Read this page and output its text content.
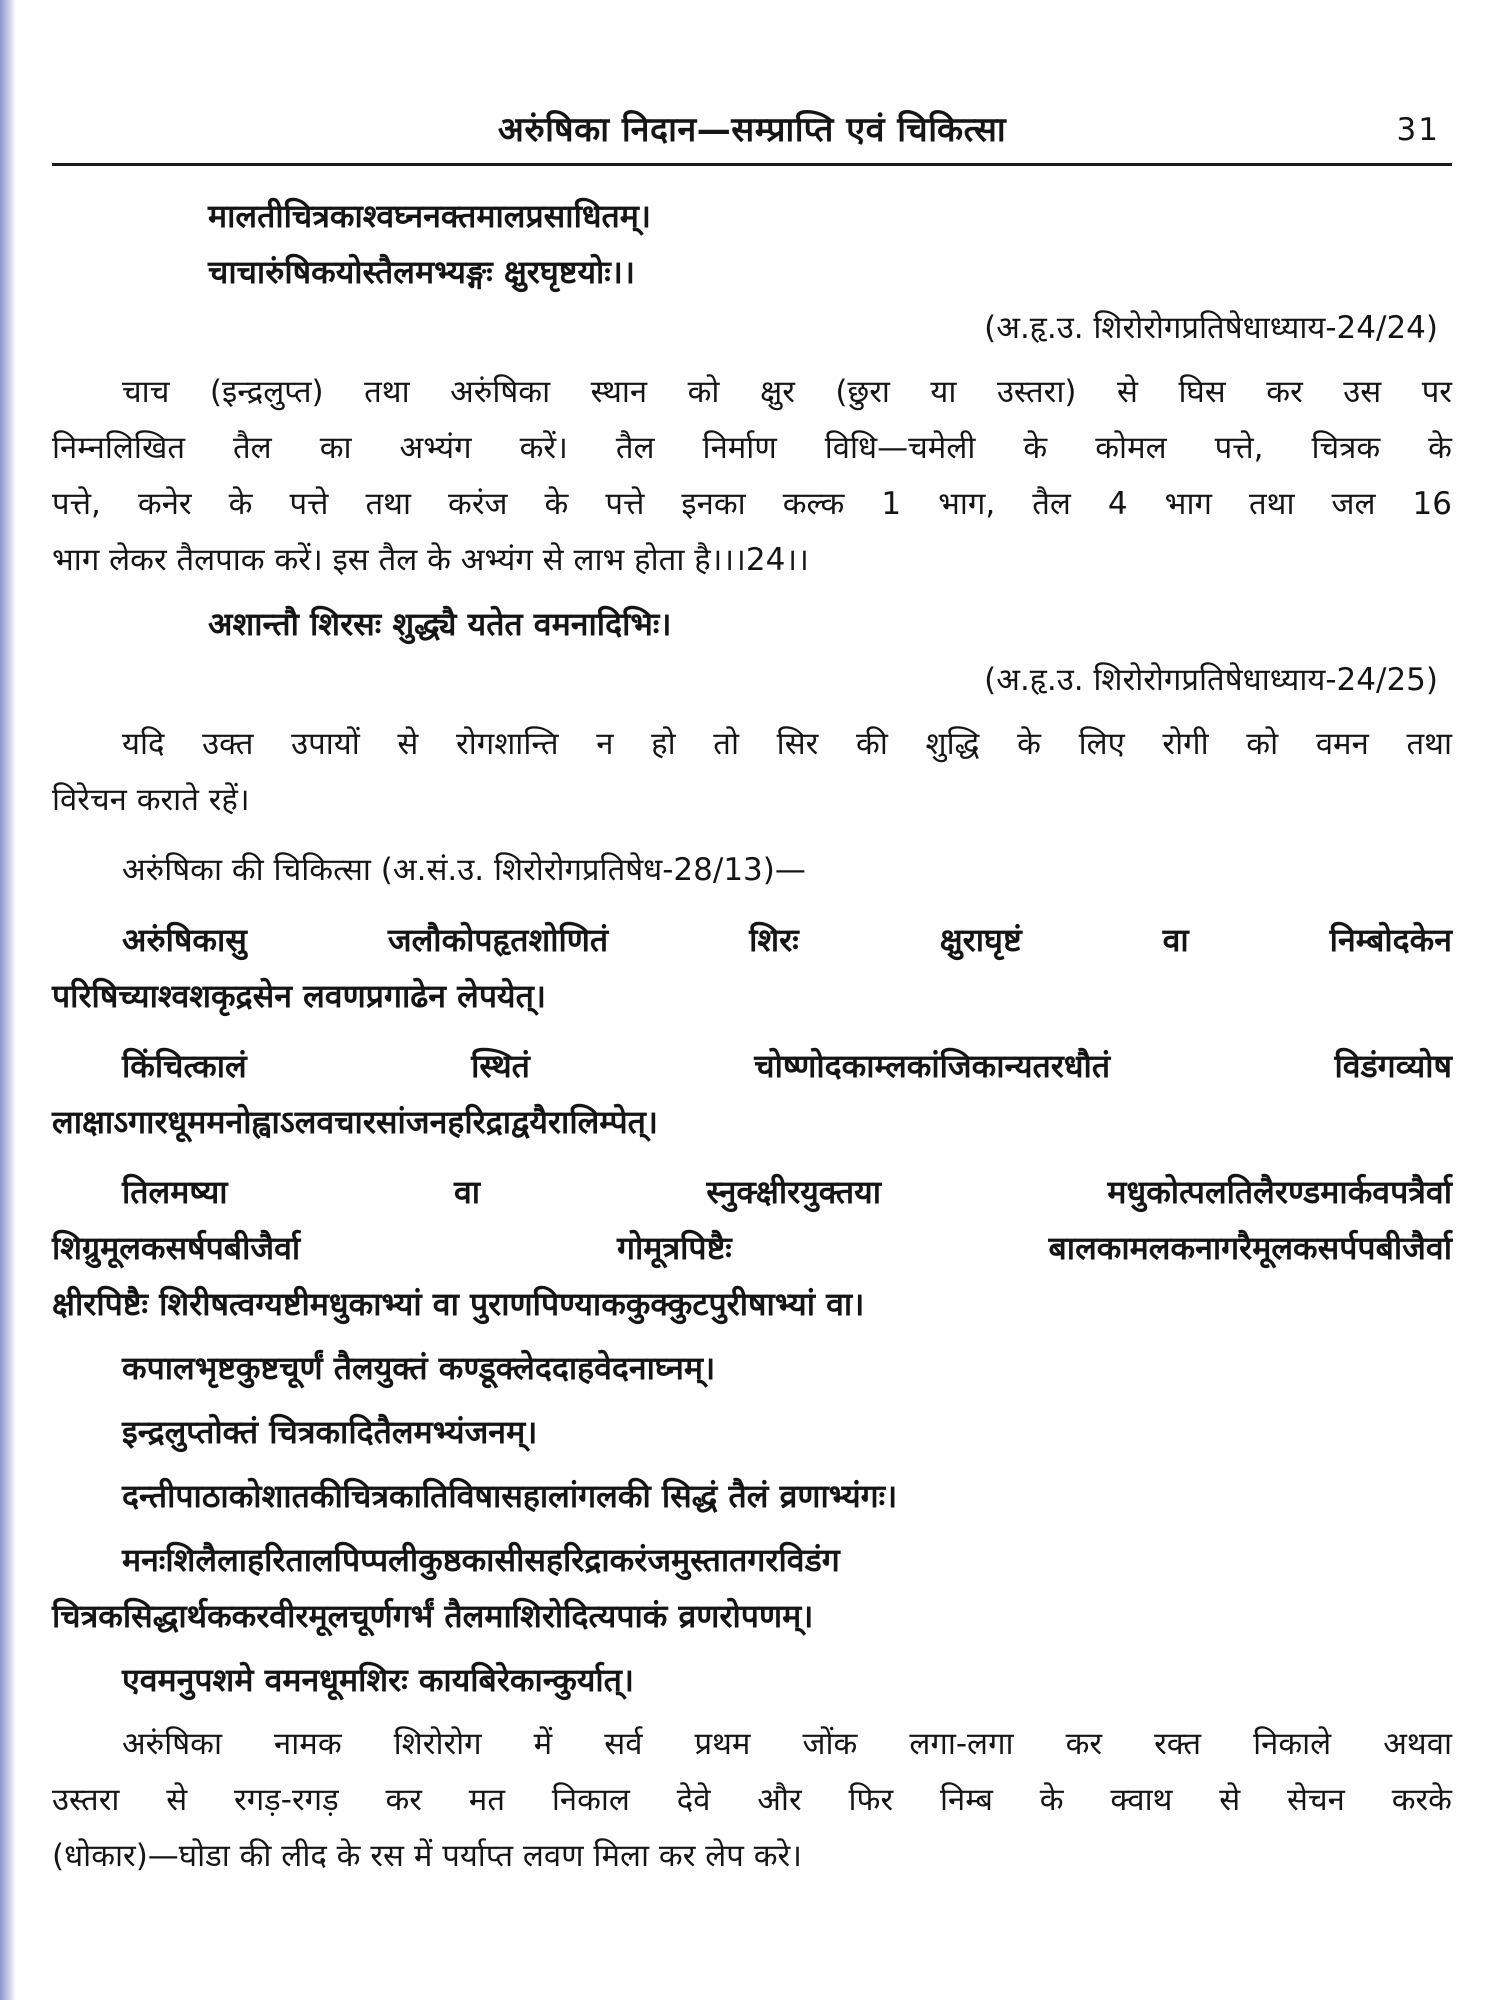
अरुंषिका निदान—सम्प्राप्ति एवं चिकित्सा	31
मालतीचित्रकाश्वघ्ननक्तमालप्रसाधितम्।
चाचारुंषिकयोस्तैलमभ्यङ्गः क्षुरघृष्टयोः।।
(अ.हृ.उ. शिरोरोगप्रतिषेधाध्याय-24/24)
चाच (इन्द्रलुप्त) तथा अरुंषिका स्थान को क्षुर (छुरा या उस्तरा) से घिस कर उस पर
निम्नलिखित तैल का अभ्यंग करें। तैल निर्माण विधि—चमेली के कोमल पत्ते, चित्रक के
पत्ते, कनेर के पत्ते तथा करंज के पत्ते इनका कल्क 1 भाग, तैल 4 भाग तथा जल 16
भाग लेकर तैलपाक करें। इस तैल के अभ्यंग से लाभ होता है।।।24।।
अशान्तौ शिरसः शुद्ध्यै यतेत वमनादिभिः।
(अ.हृ.उ. शिरोरोगप्रतिषेधाध्याय-24/25)
यदि उक्त उपायों से रोगशान्ति न हो तो सिर की शुद्धि के लिए रोगी को वमन तथा
विरेचन कराते रहें।
अरुंषिका की चिकित्सा (अ.सं.उ. शिरोरोगप्रतिषेध-28/13)—
अरुंषिकासु जलौकोपहृतशोणितं शिरः क्षुराघृष्टं वा निम्बोदकेन
परिषिच्याश्वशकृद्रसेन लवणप्रगाढेन लेपयेत्।
किंचित्कालं स्थितं चोष्णोदकाम्लकांजिकान्यतरधौतं विडंगव्योष
लाक्षाऽगारधूममनोह्वाऽलवचारसांजनहरिद्राद्वयैरालिम्पेत्।
तिलमष्या वा स्नुक्क्षीरयुक्तया मधुकोत्पलतिलैरण्डमार्कवपत्रैर्वा
शिग्रुमूलकसर्षपबीजैर्वा गोमूत्रपिष्टैः बालकामलकनागरैमूलकसर्पपबीजैर्वा
क्षीरपिष्टैः शिरीषत्वग्यष्टीमधुकाभ्यां वा पुराणपिण्याककुक्कुटपुरीषाभ्यां वा।
कपालभृष्टकुष्टचूर्णं तैलयुक्तं कण्डूक्लेददाहवेदनाघ्नम्।
इन्द्रलुप्तोक्तं चित्रकादितैलमभ्यंजनम्।
दन्तीपाठाकोशातकीचित्रकातिविषासहालांगलकी सिद्धं तैलं व्रणाभ्यंगः।
मनःशिलैलाहरितालपिप्पलीकुष्ठकासीसहरिद्राकरंजमुस्तातगरविडंग
चित्रकसिद्धार्थककरवीरमूलचूर्णगर्भं तैलमाशिरोदित्यपाकं व्रणरोपणम्।
एवमनुपशमे वमनधूमशिरः कायबिरेकान्कुर्यात्।
अरुंषिका नामक शिरोरोग में सर्व प्रथम जोंक लगा-लगा कर रक्त निकाले अथवा
उस्तरा से रगड़-रगड़ कर मत निकाल देवे और फिर निम्ब के क्वाथ से सेचन करके
(धोकार)—घोडा की लीद के रस में पर्याप्त लवण मिला कर लेप करे।
